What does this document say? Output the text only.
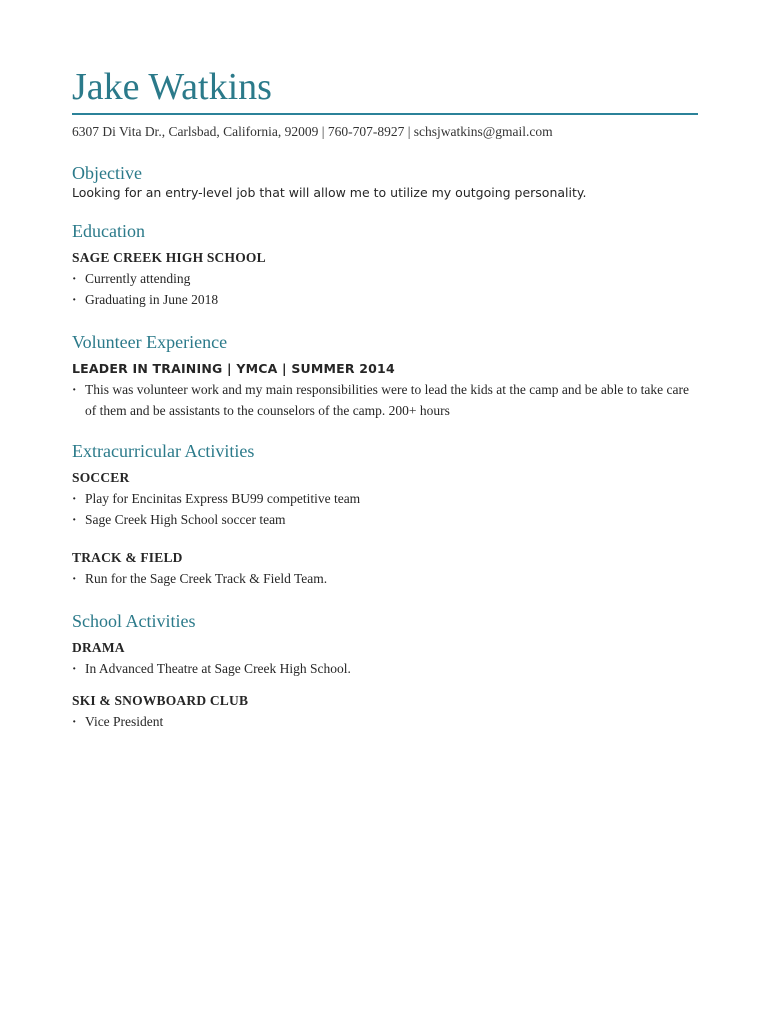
Jake Watkins
6307 Di Vita Dr., Carlsbad, California, 92009 | 760-707-8927 | schsjwatkins@gmail.com
Objective
Looking for an entry-level job that will allow me to utilize my outgoing personality.
Education
SAGE CREEK HIGH SCHOOL
· Currently attending
· Graduating in June 2018
Volunteer Experience
LEADER IN TRAINING | YMCA | SUMMER 2014
· This was volunteer work and my main responsibilities were to lead the kids at the camp and be able to take care of them and be assistants to the counselors of the camp. 200+ hours
Extracurricular Activities
SOCCER
· Play for Encinitas Express BU99 competitive team
· Sage Creek High School soccer team
TRACK & FIELD
· Run for the Sage Creek Track & Field Team.
School Activities
DRAMA
· In Advanced Theatre at Sage Creek High School.
SKI & SNOWBOARD CLUB
· Vice President
